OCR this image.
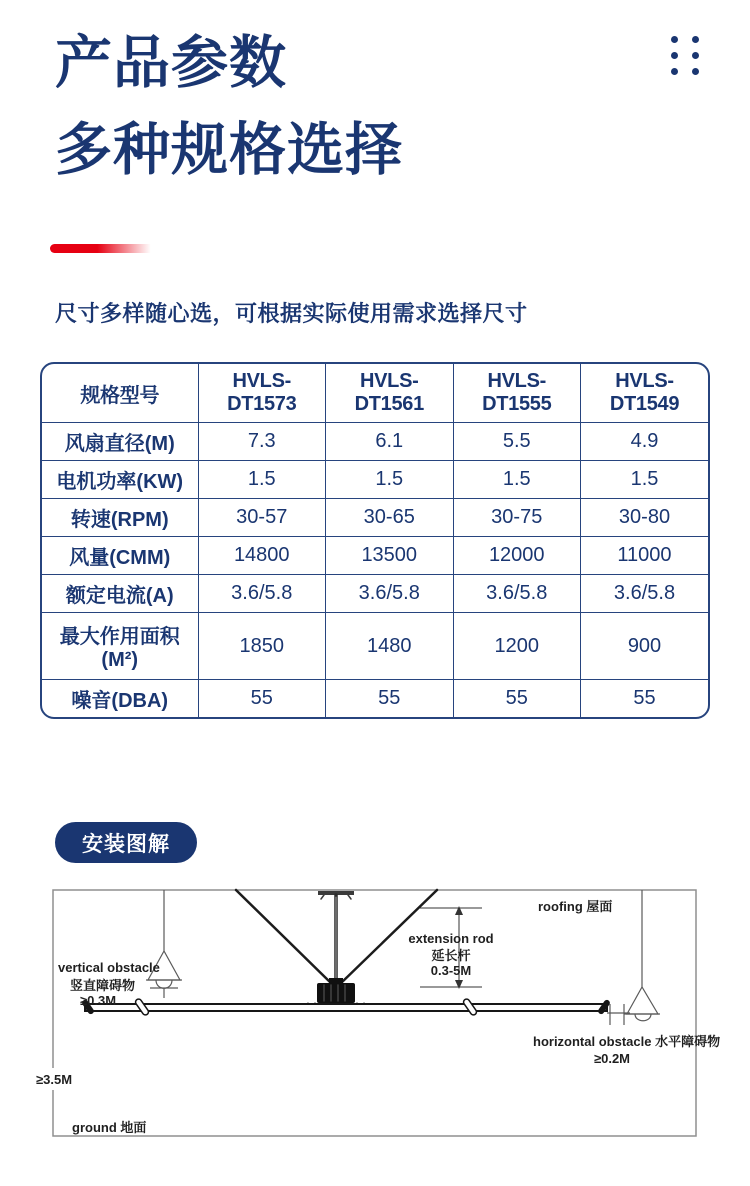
产品参数
多种规格选择
尺寸多样随心选，可根据实际使用需求选择尺寸
规格型号	HVLS-DT1573	HVLS-DT1561	HVLS-DT1555	HVLS-DT1549
风扇直径(M)	7.3	6.1	5.5	4.9
电机功率(KW)	1.5	1.5	1.5	1.5
转速(RPM)	30-57	30-65	30-75	30-80
风量(CMM)	14800	13500	12000	11000
额定电流(A)	3.6/5.8	3.6/5.8	3.6/5.8	3.6/5.8
最大作用面积(M²)	1850	1480	1200	900
噪音(DBA)	55	55	55	55
安装图解
extension rod
延长杆
0.3-5M
roofing 屋面
vertical obstacle
竖直障碍物
≥0.3M
horizontal obstacle 水平障碍物
≥0.2M
≥3.5M
ground 地面
